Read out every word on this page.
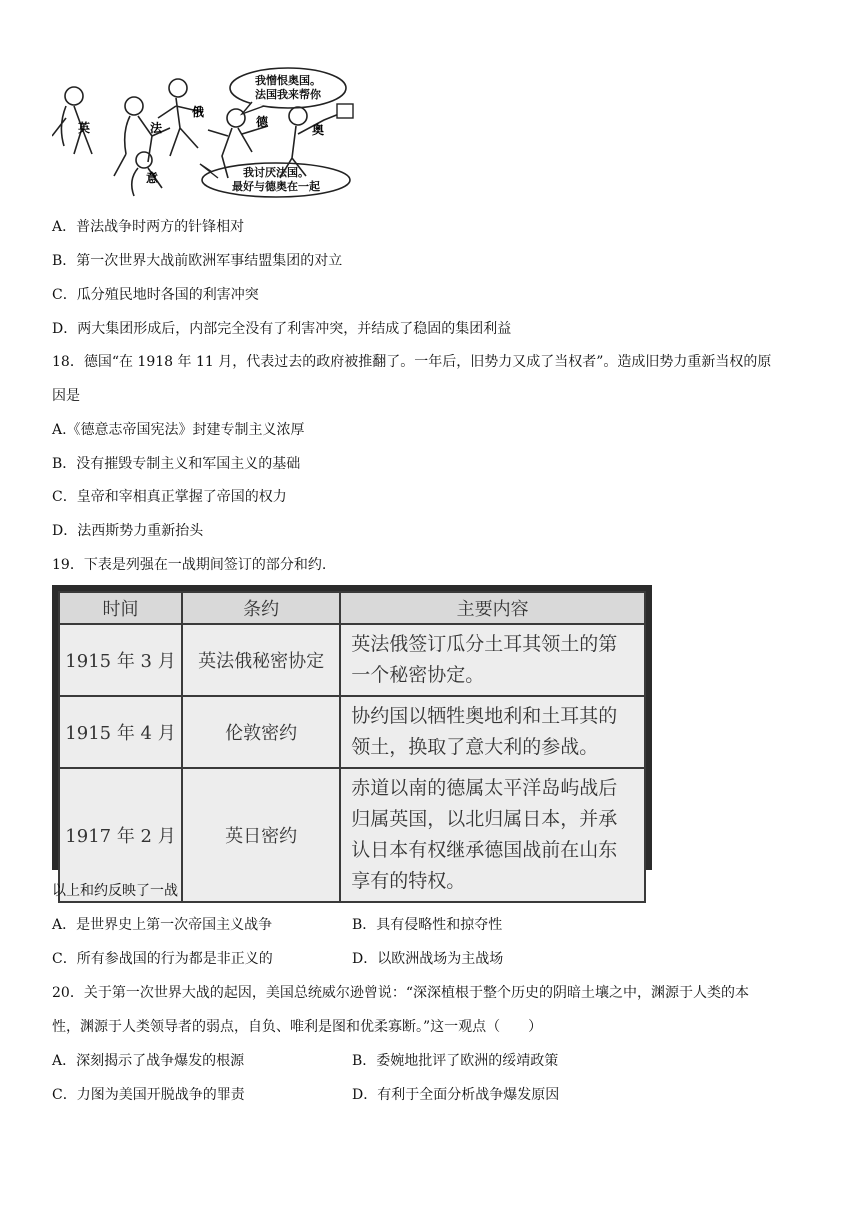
我憎恨奥国。
法国我来帮你
我讨厌法国。
最好与德奥在一起
英	法
俄
德
奥
意
A．普法战争时两方的针锋相对
B．第一次世界大战前欧洲军事结盟集团的对立
C．瓜分殖民地时各国的利害冲突
D．两大集团形成后，内部完全没有了利害冲突，并结成了稳固的集团利益
18．德国“在 1918 年 11 月，代表过去的政府被推翻了。一年后，旧势力又成了当权者”。造成旧势力重新当权的原
因是
A.《德意志帝国宪法》封建专制主义浓厚
B．没有摧毁专制主义和军国主义的基础
C．皇帝和宰相真正掌握了帝国的权力
D．法西斯势力重新抬头
19．下表是列强在一战期间签订的部分和约.
时间	条约	主要内容
1915 年 3 月	英法俄秘密协定	英法俄签订瓜分土耳其领土的第
一个秘密协定。

1915 年 4 月	伦敦密约	协约国以牺牲奥地利和土耳其的
领土，换取了意大利的参战。

1917 年 2 月	英日密约	赤道以南的德属太平洋岛屿战后
归属英国，以北归属日本，并承
认日本有权继承德国战前在山东
享有的特权。
以上和约反映了一战
A．是世界史上第一次帝国主义战争	B．具有侵略性和掠夺性
C．所有参战国的行为都是非正义的	D．以欧洲战场为主战场
20．关于第一次世界大战的起因，美国总统威尔逊曾说：“深深植根于整个历史的阴暗土壤之中，渊源于人类的本
性，渊源于人类领导者的弱点，自负、唯利是图和优柔寡断。”这一观点（　　）
A．深刻揭示了战争爆发的根源	B．委婉地批评了欧洲的绥靖政策
C．力图为美国开脱战争的罪责	D．有利于全面分析战争爆发原因
